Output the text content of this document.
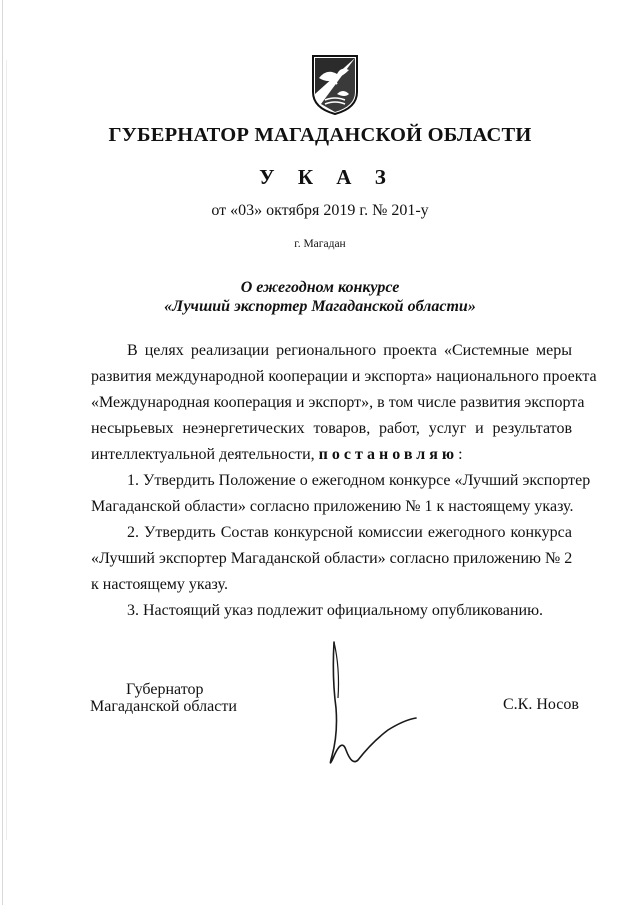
ГУБЕРНАТОР МАГАДАНСКОЙ ОБЛАСТИ
У К А З
от «03» октября 2019 г. № 201-у
г. Магадан
О ежегодном конкурсе
«Лучший экспортер Магаданской области»
В целях реализации регионального проекта «Системные меры
развития международной кооперации и экспорта» национального проекта
«Международная кооперация и экспорт», в том числе развития экспорта
несырьевых неэнергетических товаров, работ, услуг и результатов
интеллектуальной деятельности, постановляю:
1. Утвердить Положение о ежегодном конкурсе «Лучший экспортер
Магаданской области» согласно приложению № 1 к настоящему указу.
2. Утвердить Состав конкурсной комиссии ежегодного конкурса
«Лучший экспортер Магаданской области» согласно приложению № 2
к настоящему указу.
3. Настоящий указ подлежит официальному опубликованию.
Губернатор
Магаданской области	С.К. Носов
